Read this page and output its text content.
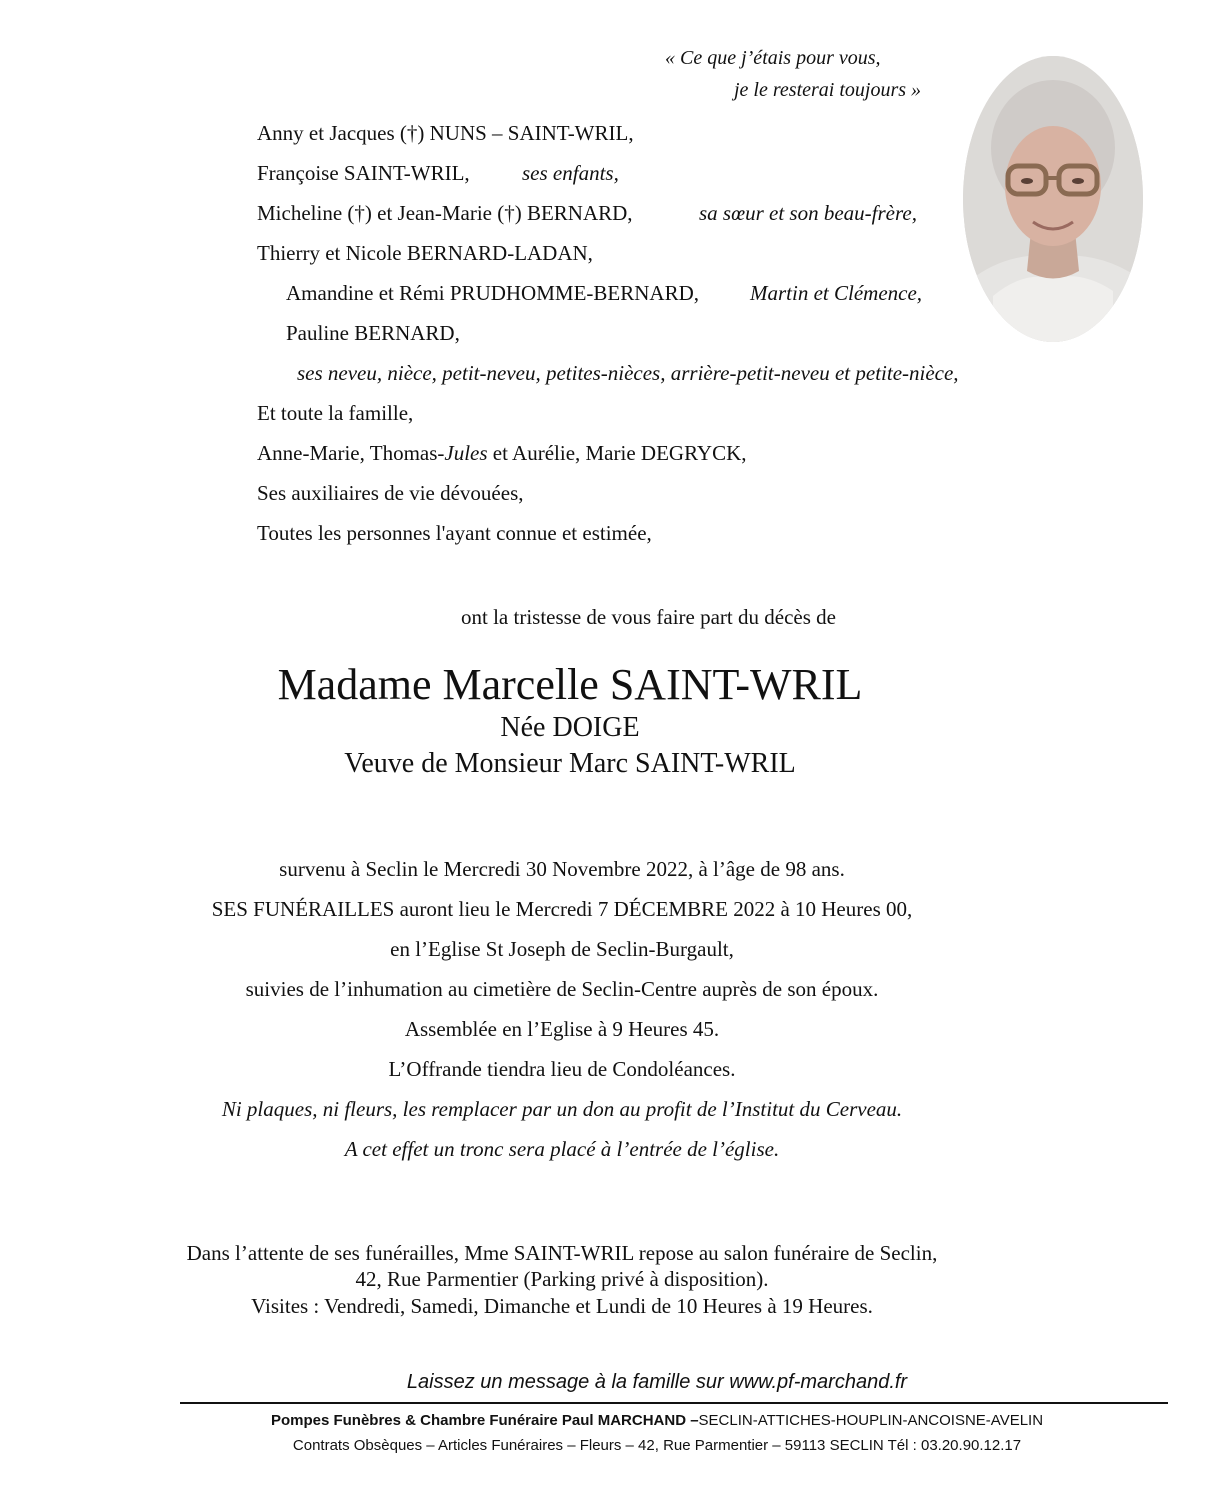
« Ce que j’étais pour vous,
je le resterai toujours »
Anny et Jacques (†) NUNS – SAINT-WRIL,
Françoise SAINT-WRIL, ses enfants,
Micheline (†) et Jean-Marie (†) BERNARD,	sa sœur et son beau-frère,
Thierry et Nicole BERNARD-LADAN,
Amandine et Rémi PRUDHOMME-BERNARD, Martin et Clémence,
Pauline BERNARD,
ses neveu, nièce, petit-neveu, petites-nièces, arrière-petit-neveu et petite-nièce,
Et toute la famille,
Anne-Marie, Thomas-Jules et Aurélie, Marie DEGRYCK,
Ses auxiliaires de vie dévouées,
Toutes les personnes l'ayant connue et estimée,
ont la tristesse de vous faire part du décès de
Madame Marcelle SAINT-WRIL
Née DOIGE
Veuve de Monsieur Marc SAINT-WRIL
survenu à Seclin le Mercredi 30 Novembre 2022, à l’âge de 98 ans.
SES FUNÉRAILLES auront lieu le Mercredi 7 DÉCEMBRE 2022 à 10 Heures 00,
en l’Eglise St Joseph de Seclin-Burgault,
suivies de l’inhumation au cimetière de Seclin-Centre auprès de son époux.
Assemblée en l’Eglise à 9 Heures 45.
L’Offrande tiendra lieu de Condoléances.
Ni plaques, ni fleurs, les remplacer par un don au profit de l’Institut du Cerveau.
A cet effet un tronc sera placé à l’entrée de l’église.
Dans l’attente de ses funérailles, Mme SAINT-WRIL repose au salon funéraire de Seclin,
42, Rue Parmentier (Parking privé à disposition).
Visites : Vendredi, Samedi, Dimanche et Lundi de 10 Heures à 19 Heures.
Laissez un message à la famille sur www.pf-marchand.fr
Pompes Funèbres & Chambre Funéraire Paul MARCHAND –SECLIN-ATTICHES-HOUPLIN-ANCOISNE-AVELIN
Contrats Obsèques – Articles Funéraires – Fleurs – 42, Rue Parmentier – 59113 SECLIN Tél : 03.20.90.12.17
